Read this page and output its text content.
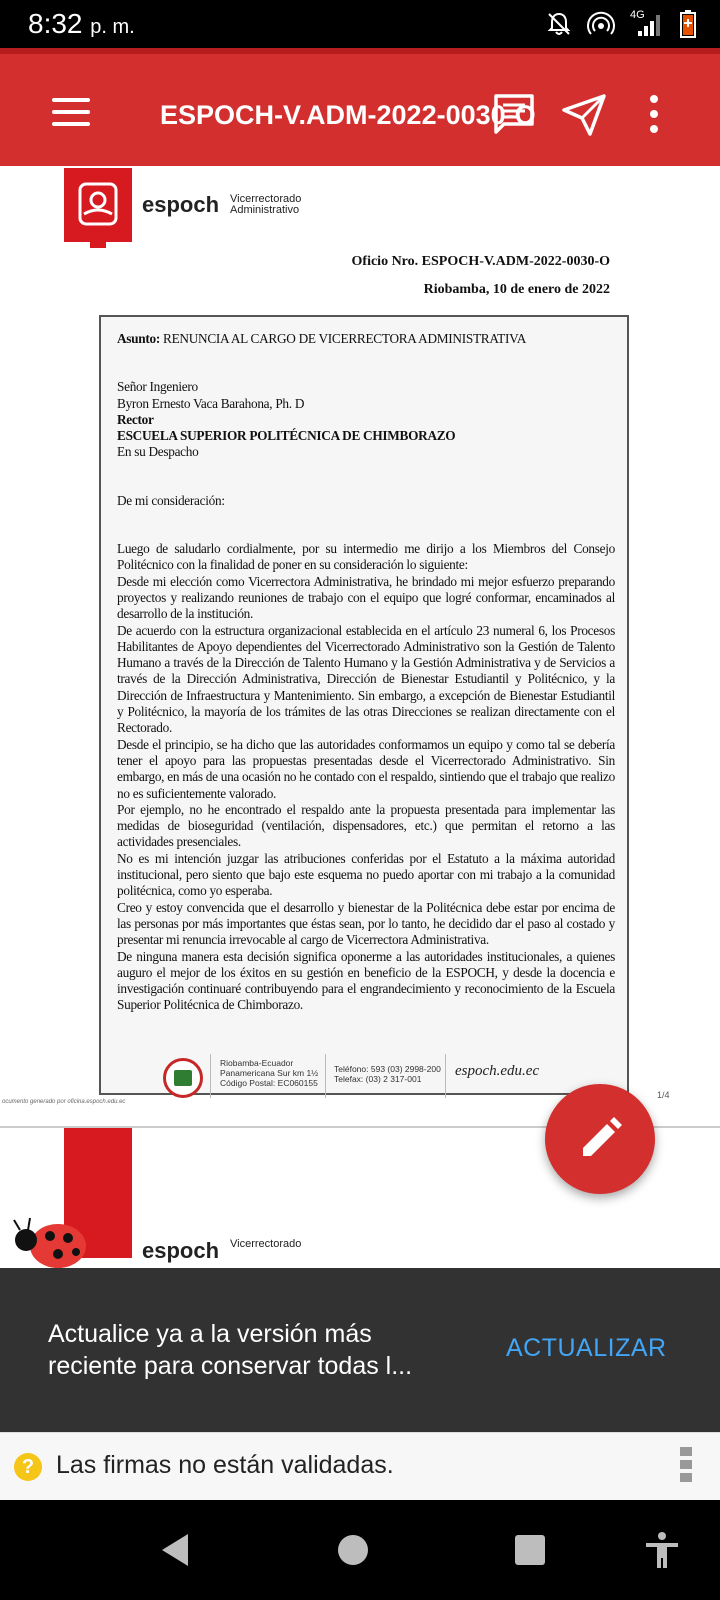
8:32 p. m.
4G
ESPOCH-V.ADM-2022-0030-O
espoch Vicerrectorado
Administrativo
Oficio Nro. ESPOCH-V.ADM-2022-0030-O
Riobamba, 10 de enero de 2022

Asunto: RENUNCIA AL CARGO DE VICERRECTORA ADMINISTRATIVA

Señor Ingeniero
Byron Ernesto Vaca Barahona, Ph. D
Rector
ESCUELA SUPERIOR POLITÉCNICA DE CHIMBORAZO
En su Despacho
De mi consideración:

Luego de saludarlo cordialmente, por su intermedio me dirijo a los Miembros del Consejo Politécnico con la finalidad de poner en su consideración lo siguiente:

Desde mi elección como Vicerrectora Administrativa, he brindado mi mejor esfuerzo preparando proyectos y realizando reuniones de trabajo con el equipo que logré conformar, encaminados al desarrollo de la institución.

De acuerdo con la estructura organizacional establecida en el artículo 23 numeral 6, los Procesos Habilitantes de Apoyo dependientes del Vicerrectorado Administrativo son la Gestión de Talento Humano a través de la Dirección de Talento Humano y la Gestión Administrativa y de Servicios a través de la Dirección Administrativa, Dirección de Bienestar Estudiantil y Politécnico, y la Dirección de Infraestructura y Mantenimiento. Sin embargo, a excepción de Bienestar Estudiantil y Politécnico, la mayoría de los trámites de las otras Direcciones se realizan directamente con el Rectorado.

Desde el principio, se ha dicho que las autoridades conformamos un equipo y como tal se debería tener el apoyo para las propuestas presentadas desde el Vicerrectorado Administrativo. Sin embargo, en más de una ocasión no he contado con el respaldo, sintiendo que el trabajo que realizo no es suficientemente valorado.

Por ejemplo, no he encontrado el respaldo ante la propuesta presentada para implementar las medidas de bioseguridad (ventilación, dispensadores, etc.) que permitan el retorno a las actividades presenciales.

No es mi intención juzgar las atribuciones conferidas por el Estatuto a la máxima autoridad institucional, pero siento que bajo este esquema no puedo aportar con mi trabajo a la comunidad politécnica, como yo esperaba.

Creo y estoy convencida que el desarrollo y bienestar de la Politécnica debe estar por encima de las personas por más importantes que éstas sean, por lo tanto, he decidido dar el paso al costado y presentar mi renuncia irrevocable al cargo de Vicerrectora Administrativa.

De ninguna manera esta decisión significa oponerme a las autoridades institucionales, a quienes auguro el mejor de los éxitos en su gestión en beneficio de la ESPOCH, y desde la docencia e investigación continuaré contribuyendo para el engrandecimiento y reconocimiento de la Escuela Superior Politécnica de Chimborazo.

Riobamba-Ecuador
Panamericana Sur km 1½
Código Postal: EC060155
Teléfono: 593 (03) 2998-200
Telefax: (03) 2 317-001	espoch.edu.ec
ocumento generado por oficina.espoch.edu.ec
1/4
espoch Vicerrectorado
Actualice ya a la versión más reciente para conservar todas l...
ACTUALIZAR
? Las firmas no están validadas.
